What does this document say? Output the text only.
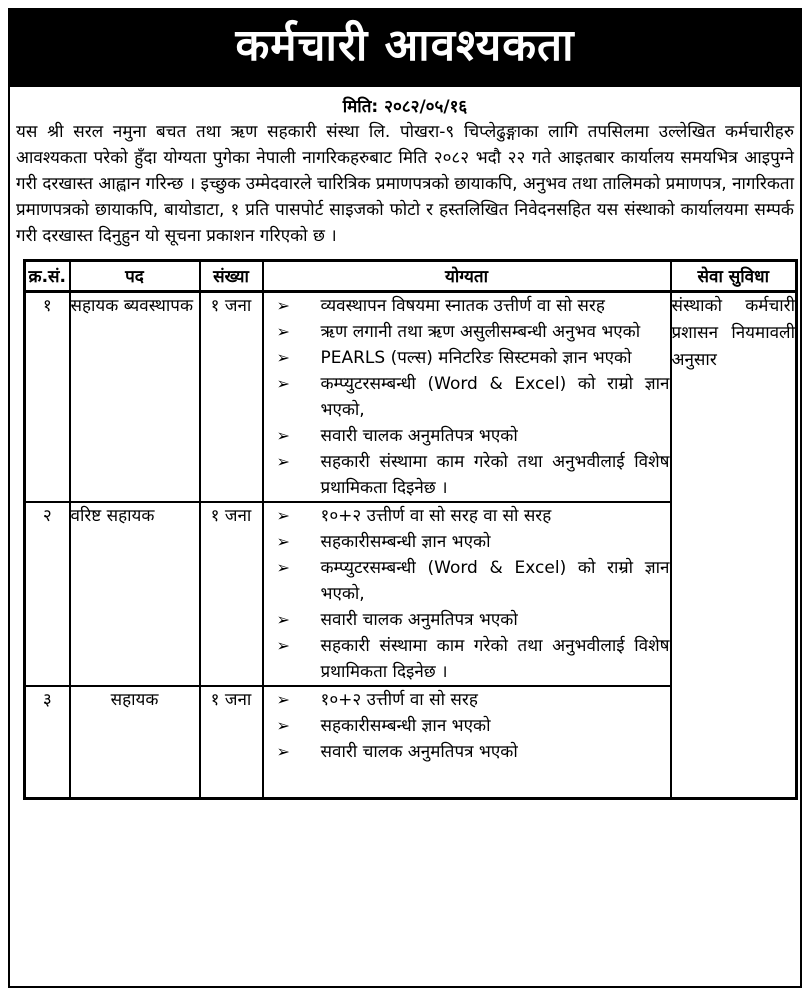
कर्मचारी आवश्यकता
मिति: २०८२/०५/१६

यस श्री सरल नमुना बचत तथा ऋण सहकारी संस्था लि. पोखरा-९ चिप्लेढुङ्गाका लागि तपसिलमा उल्लेखित कर्मचारीहरु आवश्यकता परेको हुँदा योग्यता पुगेका नेपाली नागरिकहरुबाट मिति २०८२ भदौ २२ गते आइतबार कार्यालय समयभित्र आइपुग्ने गरी दरखास्त आह्वान गरिन्छ । इच्छुक उम्मेदवारले चारित्रिक प्रमाणपत्रको छायाकपि, अनुभव तथा तालिमको प्रमाणपत्र, नागरिकता प्रमाणपत्रको छायाकपि, बायोडाटा, १ प्रति पासपोर्ट साइजको फोटो र हस्तलिखित निवेदनसहित यस संस्थाको कार्यालयमा सम्पर्क गरी दरखास्त दिनुहुन यो सूचना प्रकाशन गरिएको छ ।

क्र.सं.	पद	संख्या	योग्यता	सेवा सुविधा
१	सहायक ब्यवस्थापक	१ जना	➢ व्यवस्थापन विषयमा स्नातक उत्तीर्ण वा सो सरह
➢ ऋण लगानी तथा ऋण असुलीसम्बन्धी अनुभव भएको
➢ PEARLS (पल्स) मनिटरिङ सिस्टमको ज्ञान भएको
➢ कम्प्युटरसम्बन्धी (Word & Excel) को राम्रो ज्ञान भएको,
➢ सवारी चालक अनुमतिपत्र भएको
➢ सहकारी संस्थामा काम गरेको तथा अनुभवीलाई विशेष प्रथामिकता दिइनेछ ।
	संस्थाको कर्मचारी प्रशासन नियमावली अनुसार
२	वरिष्ट सहायक	१ जना	➢ १०+२ उत्तीर्ण वा सो सरह वा सो सरह
➢ सहकारीसम्बन्धी ज्ञान भएको
➢ कम्प्युटरसम्बन्धी (Word & Excel) को राम्रो ज्ञान भएको,
➢ सवारी चालक अनुमतिपत्र भएको
➢ सहकारी संस्थामा काम गरेको तथा अनुभवीलाई विशेष प्रथामिकता दिइनेछ ।

३	सहायक	१ जना	➢ १०+२ उत्तीर्ण वा सो सरह
➢ सहकारीसम्बन्धी ज्ञान भएको
➢ सवारी चालक अनुमतिपत्र भएको
